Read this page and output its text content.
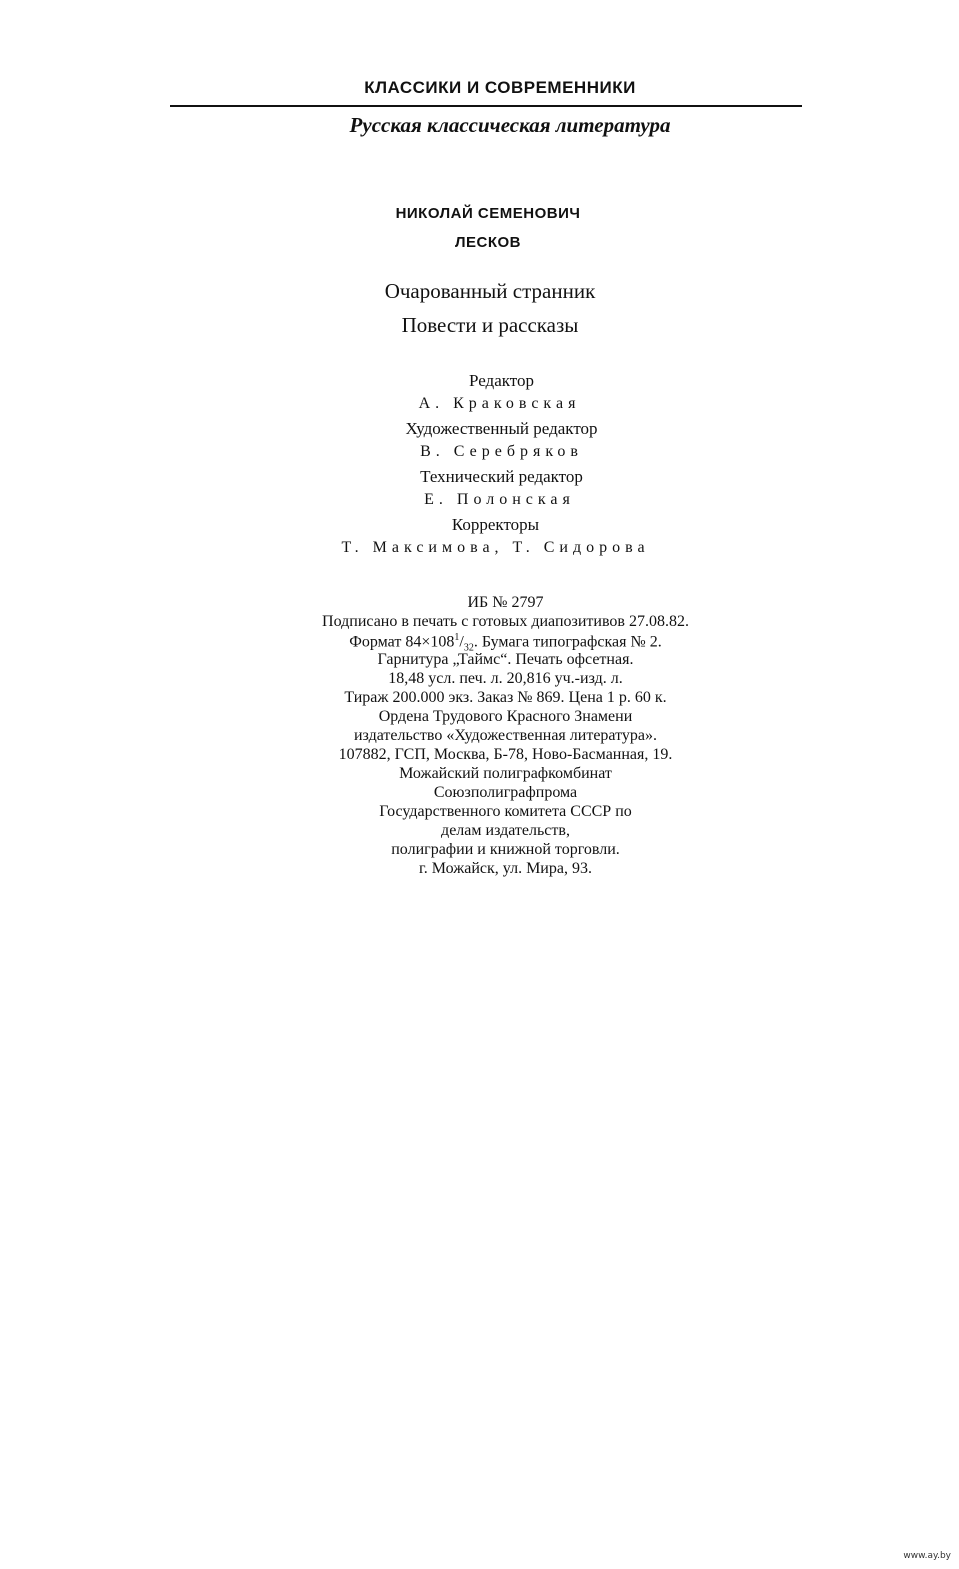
КЛАССИКИ И СОВРЕМЕННИКИ
Русская классическая литература
НИКОЛАЙ СЕМЕНОВИЧ
ЛЕСКОВ
Очарованный странник
Повести и рассказы
Редактор
А. Краковская
Художественный редактор
В. Серебряков
Технический редактор
Е. Полонская
Корректоры
Т. Максимова, Т. Сидорова
ИБ № 2797
Подписано в печать с готовых диапозитивов 27.08.82.
Формат $84\times 108^1/_{32}$. Бумага типографская № 2.
Гарнитура „Таймс“. Печать офсетная.
18,48 усл. печ. л. 20,816 уч.-изд. л.
Тираж 200.000 экз. Заказ № 869. Цена 1 р. 60 к.
Ордена Трудового Красного Знамени
издательство «Художественная литература».
107882, ГСП, Москва, Б-78, Ново-Басманная, 19.
Можайский полиграфкомбинат
Союзполиграфпрома
Государственного комитета СССР по
делам издательств,
полиграфии и книжной торговли.
г. Можайск, ул. Мира, 93.
www.ay.by
